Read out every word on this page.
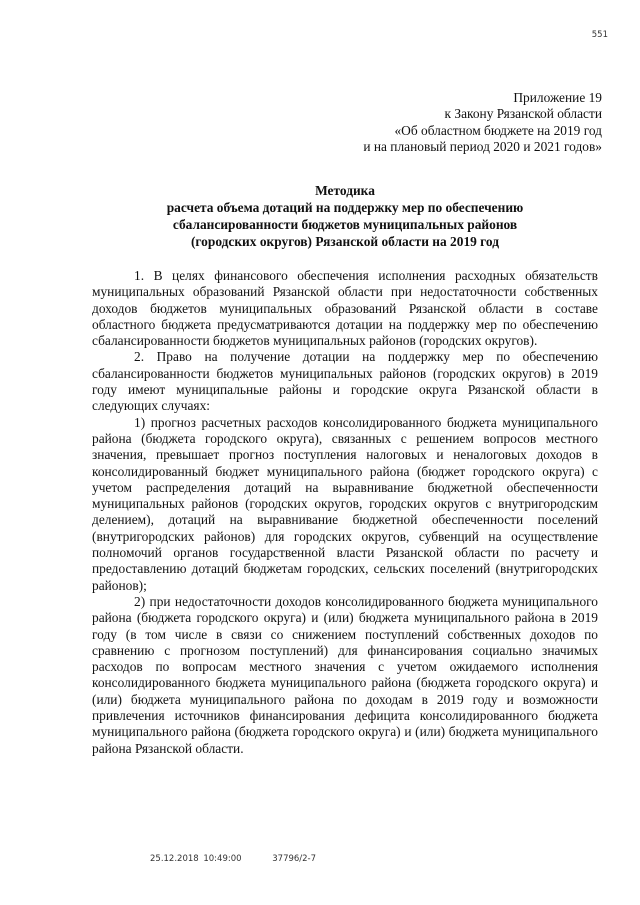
551
Приложение 19
к Закону Рязанской области
«Об областном бюджете на 2019 год
и на плановый период 2020 и 2021 годов»
Методика
расчета объема дотаций на поддержку мер по обеспечению
сбалансированности бюджетов муниципальных районов
(городских округов) Рязанской области на 2019 год

1. В целях финансового обеспечения исполнения расходных обязательств муниципальных образований Рязанской области при недостаточности собственных доходов бюджетов муниципальных образований Рязанской области в составе областного бюджета предусматриваются дотации на поддержку мер по обеспечению сбалансированности бюджетов муниципальных районов (городских округов).

2. Право на получение дотации на поддержку мер по обеспечению сбалансированности бюджетов муниципальных районов (городских округов) в 2019 году имеют муниципальные районы и городские округа Рязанской области в следующих случаях:

1) прогноз расчетных расходов консолидированного бюджета муниципального района (бюджета городского округа), связанных с решением вопросов местного значения, превышает прогноз поступления налоговых и неналоговых доходов в консолидированный бюджет муниципального района (бюджет городского округа) с учетом распределения дотаций на выравнивание бюджетной обеспеченности муниципальных районов (городских округов, городских округов с внутригородским делением), дотаций на выравнивание бюджетной обеспеченности поселений (внутригородских районов) для городских округов, субвенций на осуществление полномочий органов государственной власти Рязанской области по расчету и предоставлению дотаций бюджетам городских, сельских поселений (внутригородских районов);

2) при недостаточности доходов консолидированного бюджета муниципального района (бюджета городского округа) и (или) бюджета муниципального района в 2019 году (в том числе в связи со снижением поступлений собственных доходов по сравнению с прогнозом поступлений) для финансирования социально значимых расходов по вопросам местного значения с учетом ожидаемого исполнения консолидированного бюджета муниципального района (бюджета городского округа) и (или) бюджета муниципального района по доходам в 2019 году и возможности привлечения источников финансирования дефицита консолидированного бюджета муниципального района (бюджета городского округа) и (или) бюджета муниципального района Рязанской области.

25.12.2018 10:49:00	37796/2-7
